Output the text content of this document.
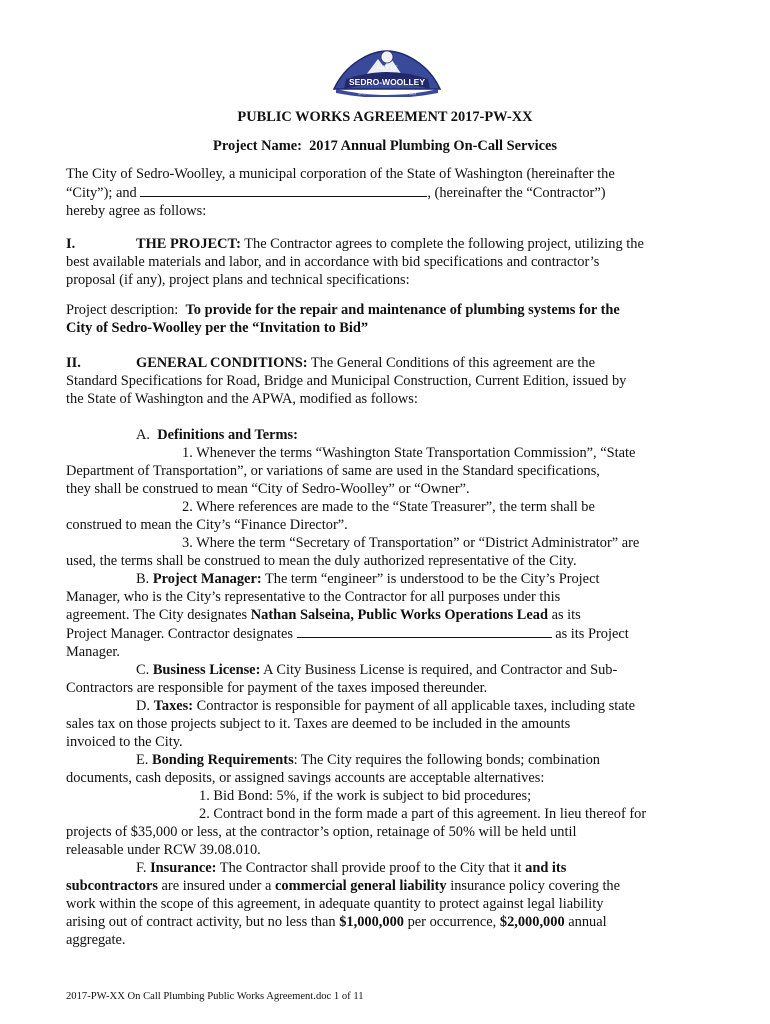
CITY OF
SEDRO-WOOLLEY
GATEWAY TO THE NORTH CASCADES
PUBLIC WORKS AGREEMENT 2017-PW-XX
Project Name: 2017 Annual Plumbing On-Call Services

The City of Sedro-Woolley, a municipal corporation of the State of Washington (hereinafter the

“City”); and	, (hereinafter the “Contractor”)

hereby agree as follows:

I.	THE PROJECT: The Contractor agrees to complete the following project, utilizing the

best available materials and labor, and in accordance with bid specifications and contractor’s

proposal (if any), project plans and technical specifications:

Project description: To provide for the repair and maintenance of plumbing systems for the

City of Sedro-Woolley per the “Invitation to Bid”

II.	GENERAL CONDITIONS: The General Conditions of this agreement are the

Standard Specifications for Road, Bridge and Municipal Construction, Current Edition, issued by

the State of Washington and the APWA, modified as follows:

A. Definitions and Terms:

1. Whenever the terms “Washington State Transportation Commission”, “State

Department of Transportation”, or variations of same are used in the Standard specifications,

they shall be construed to mean “City of Sedro-Woolley” or “Owner”.

2. Where references are made to the “State Treasurer”, the term shall be

construed to mean the City’s “Finance Director”.

3. Where the term “Secretary of Transportation” or “District Administrator” are

used, the terms shall be construed to mean the duly authorized representative of the City.

B. Project Manager: The term “engineer” is understood to be the City’s Project

Manager, who is the City’s representative to the Contractor for all purposes under this

agreement. The City designates Nathan Salseina, Public Works Operations Lead as its

Project Manager. Contractor designates	as its Project

Manager.

C. Business License: A City Business License is required, and Contractor and Sub-

Contractors are responsible for payment of the taxes imposed thereunder.

D. Taxes: Contractor is responsible for payment of all applicable taxes, including state

sales tax on those projects subject to it. Taxes are deemed to be included in the amounts

invoiced to the City.

E. Bonding Requirements: The City requires the following bonds; combination

documents, cash deposits, or assigned savings accounts are acceptable alternatives:

1. Bid Bond: 5%, if the work is subject to bid procedures;

2. Contract bond in the form made a part of this agreement. In lieu thereof for

projects of $35,000 or less, at the contractor’s option, retainage of 50% will be held until

releasable under RCW 39.08.010.

F. Insurance: The Contractor shall provide proof to the City that it and its

subcontractors are insured under a commercial general liability insurance policy covering the

work within the scope of this agreement, in adequate quantity to protect against legal liability

arising out of contract activity, but no less than $1,000,000 per occurrence, $2,000,000 annual

aggregate.

2017-PW-XX On Call Plumbing Public Works Agreement.doc 1 of 11
